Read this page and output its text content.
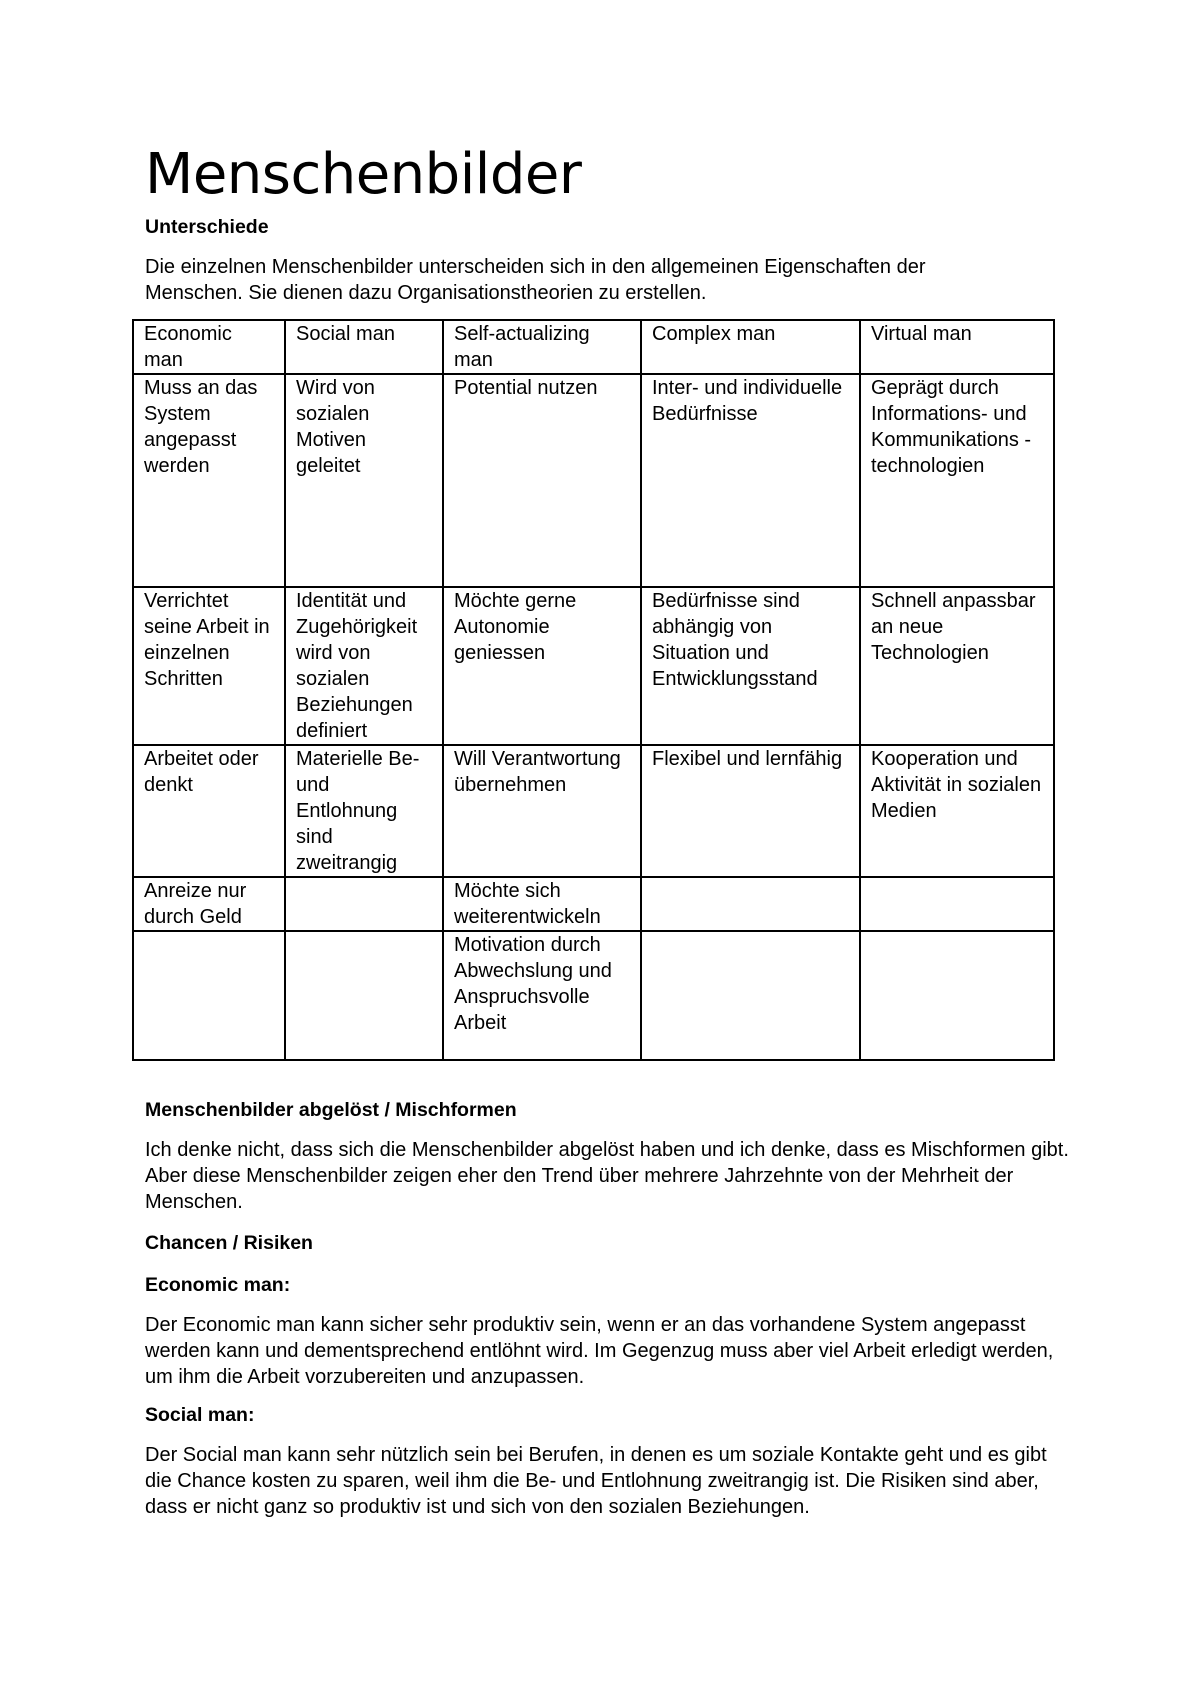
Menschenbilder

Unterschiede

Die einzelnen Menschenbilder unterscheiden sich in den allgemeinen Eigenschaften der

Menschen. Sie dienen dazu Organisationstheorien zu erstellen.

Economic man	Social man	Self-actualizing man	Complex man	Virtual man
Muss an das System angepasst werden	Wird von sozialen Motiven geleitet	Potential nutzen	Inter- und individuelle Bedürfnisse	Geprägt durch Informations- und Kommunikations -technologien
Verrichtet seine Arbeit in einzelnen Schritten	Identität und Zugehörigkeit wird von sozialen Beziehungen definiert	Möchte gerne Autonomie geniessen	Bedürfnisse sind abhängig von Situation und Entwicklungsstand	Schnell anpassbar an neue Technologien
Arbeitet oder denkt	Materielle Be- und Entlohnung sind zweitrangig	Will Verantwortung übernehmen	Flexibel und lernfähig	Kooperation und Aktivität in sozialen Medien
Anreize nur durch Geld		Möchte sich weiterentwickeln		
		Motivation durch Abwechslung und Anspruchsvolle Arbeit		

Menschenbilder abgelöst / Mischformen

Ich denke nicht, dass sich die Menschenbilder abgelöst haben und ich denke, dass es Mischformen gibt. Aber diese Menschenbilder zeigen eher den Trend über mehrere Jahrzehnte von der Mehrheit der Menschen.

Chancen / Risiken

Economic man:

Der Economic man kann sicher sehr produktiv sein, wenn er an das vorhandene System angepasst werden kann und dementsprechend entlöhnt wird. Im Gegenzug muss aber viel Arbeit erledigt werden, um ihm die Arbeit vorzubereiten und anzupassen.

Social man:

Der Social man kann sehr nützlich sein bei Berufen, in denen es um soziale Kontakte geht und es gibt die Chance kosten zu sparen, weil ihm die Be- und Entlohnung zweitrangig ist. Die Risiken sind aber, dass er nicht ganz so produktiv ist und sich von den sozialen Beziehungen.
